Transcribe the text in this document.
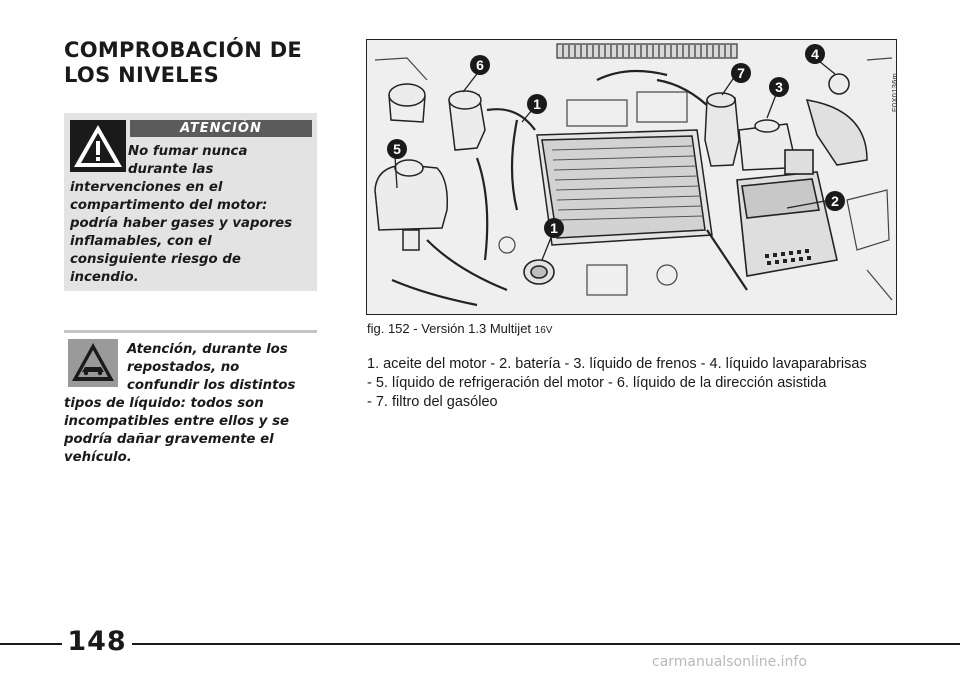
COMPROBACIÓN DE
LOS NIVELES
ATENCIÓN
No fumar nunca
durante las
intervenciones en el
compartimento del motor:
podría haber gases y vapores
inflamables, con el
consiguiente riesgo de
incendio.
Atención, durante los
repostados, no
confundir los distintos
tipos de líquido: todos son
incompatibles entre ellos y se
podría dañar gravemente el
vehículo.
6
1
5
1
7
3
4
2
F0X0136m
fig. 152 - Versión 1.3 Multijet 16V
1. aceite del motor - 2. batería - 3. líquido de frenos - 4. líquido lavaparabrisas
- 5. líquido de refrigeración del motor - 6. líquido de la dirección asistida
- 7. filtro del gasóleo
148
carmanualsonline.info
